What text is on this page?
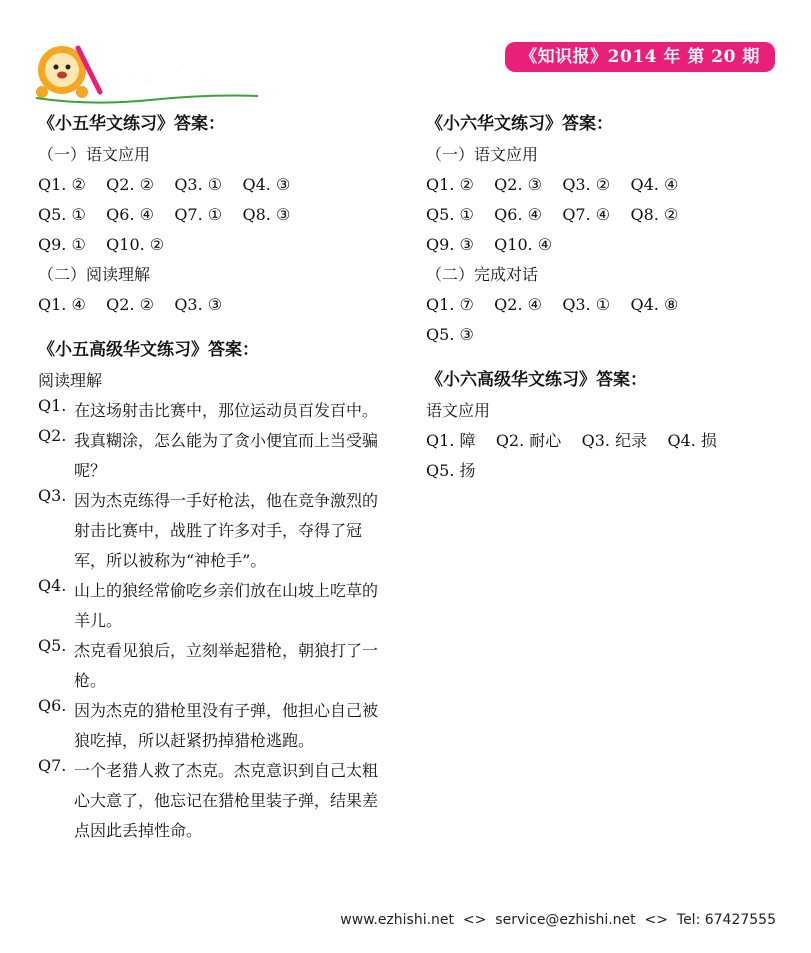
练习答案	《知识报》2014 年 第 20 期
《小五华文练习》答案：
（一）语文应用
Q1. ②    Q2. ②    Q3. ①    Q4. ③
Q5. ①    Q6. ④    Q7. ①    Q8. ③
Q9. ①    Q10. ②
（二）阅读理解
Q1. ④    Q2. ②    Q3. ③
《小五高级华文练习》答案：
阅读理解
Q1. 在这场射击比赛中，那位运动员百发百中。
Q2. 我真糊涂，怎么能为了贪小便宜而上当受骗呢？
Q3. 因为杰克练得一手好枪法，他在竞争激烈的射击比赛中，战胜了许多对手，夺得了冠军，所以被称为“神枪手”。
Q4. 山上的狼经常偷吃乡亲们放在山坡上吃草的羊儿。
Q5. 杰克看见狼后，立刻举起猎枪，朝狼打了一枪。
Q6. 因为杰克的猎枪里没有子弹，他担心自己被狼吃掉，所以赶紧扔掉猎枪逃跑。
Q7. 一个老猎人救了杰克。杰克意识到自己太粗心大意了，他忘记在猎枪里装子弹，结果差点因此丢掉性命。
《小六华文练习》答案：
（一）语文应用
Q1. ②    Q2. ③    Q3. ②    Q4. ④
Q5. ①    Q6. ④    Q7. ④    Q8. ②
Q9. ③    Q10. ④
（二）完成对话
Q1. ⑦    Q2. ④    Q3. ①    Q4. ⑧
Q5. ③
《小六高级华文练习》答案：
语文应用
Q1. 障    Q2. 耐心    Q3. 纪录    Q4. 损
Q5. 扬
www.ezhishi.net  <>  service@ezhishi.net  <>  Tel: 67427555
